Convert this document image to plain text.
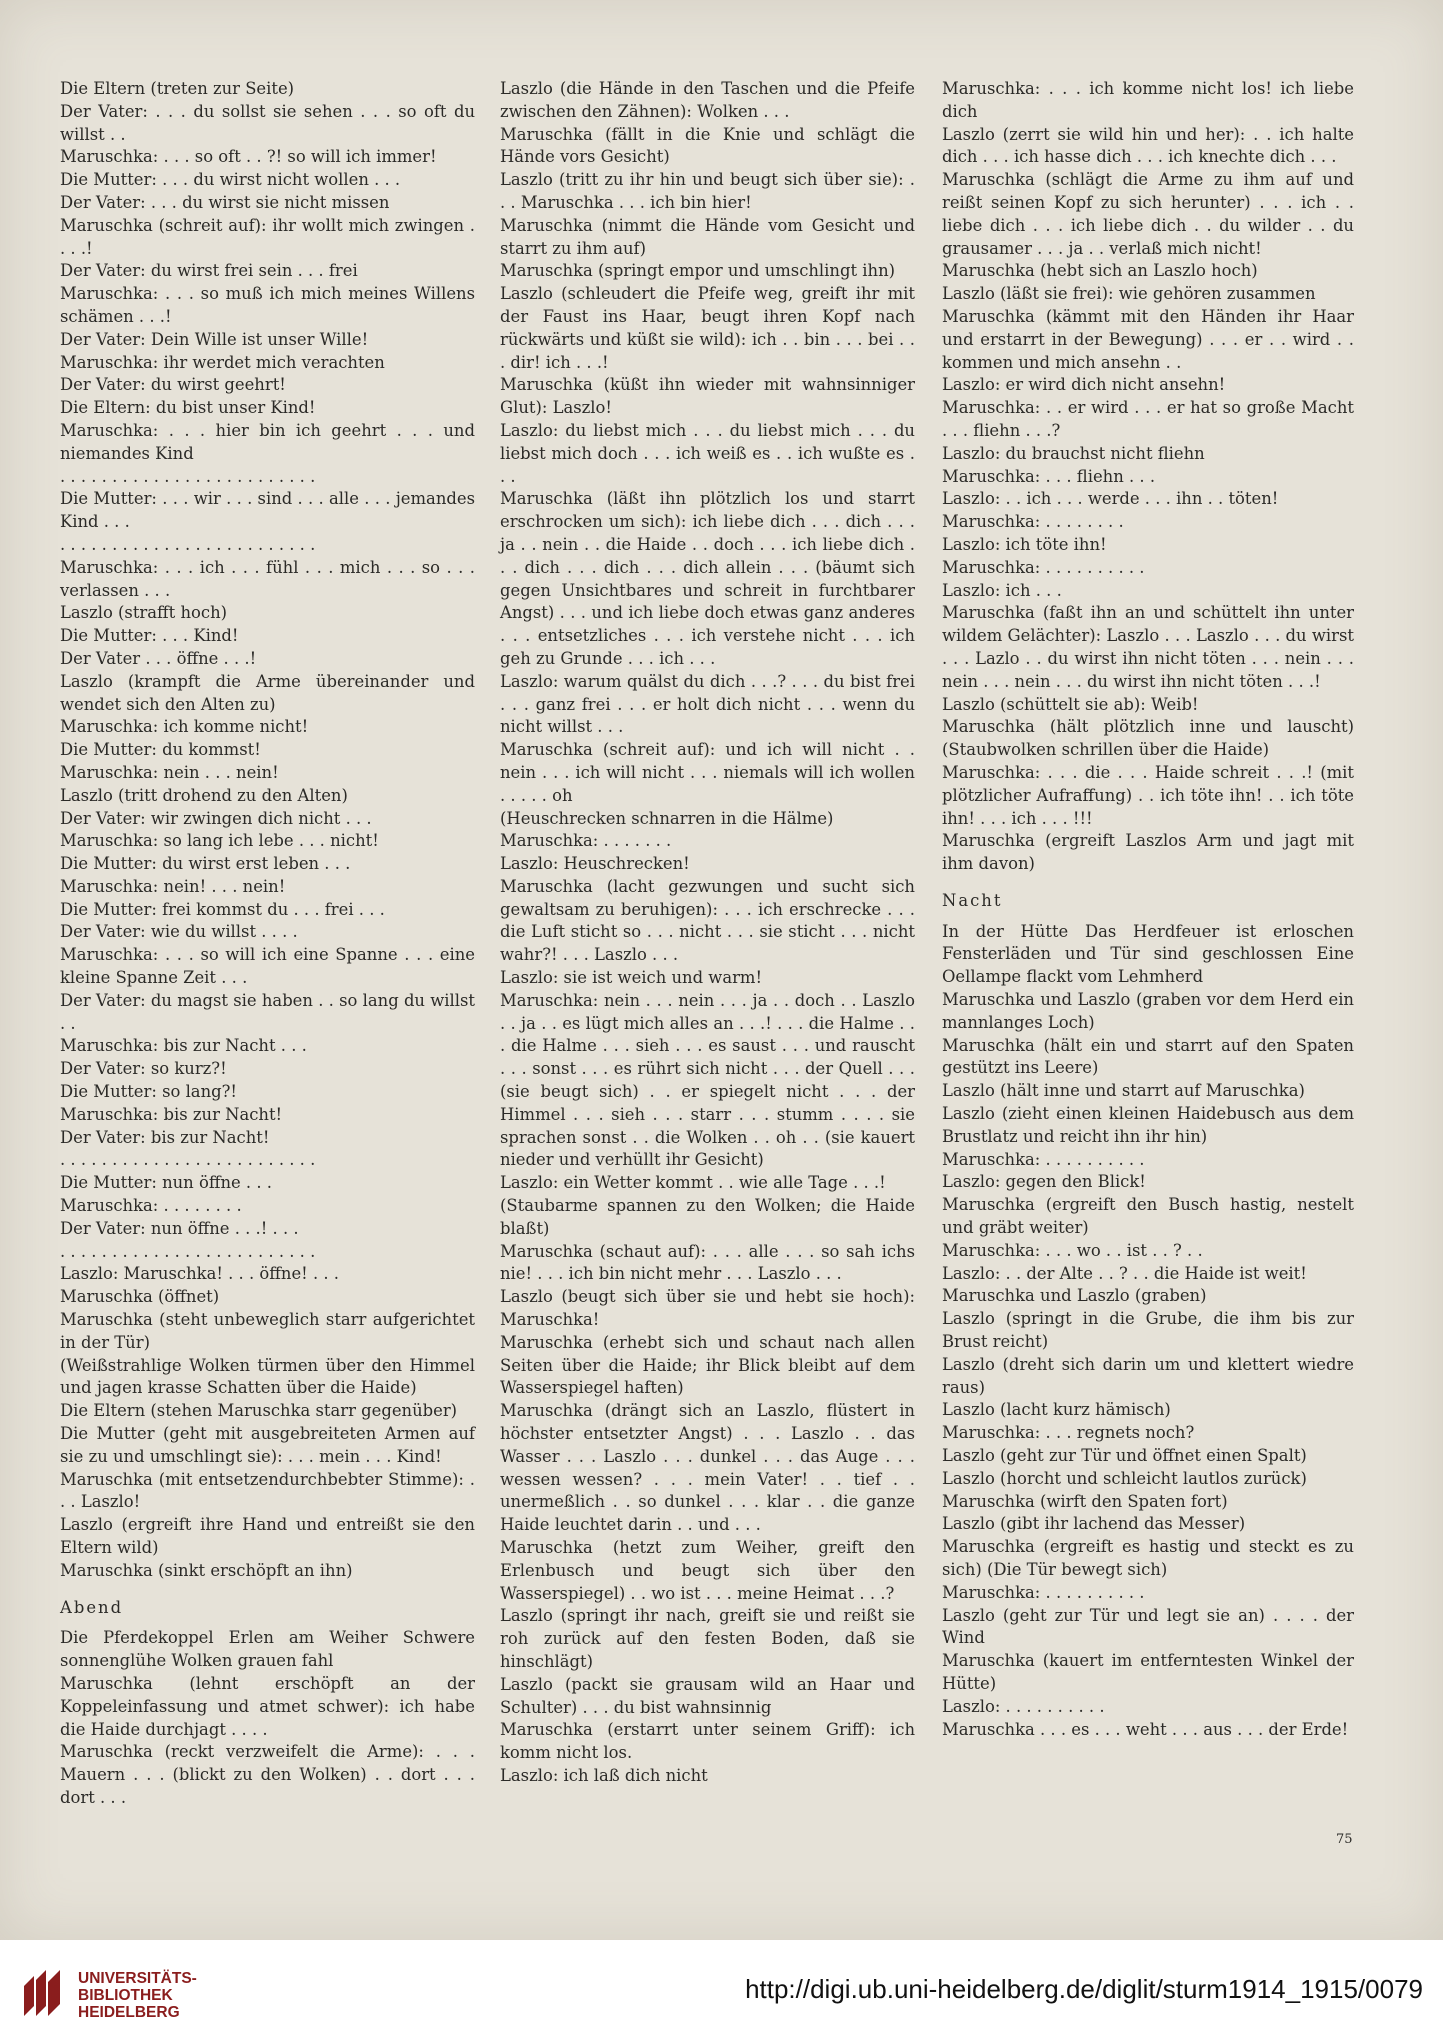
Die Eltern (treten zur Seite)

Der Vater: . . . du sollst sie sehen . . . so oft du willst . .

Maruschka: . . . so oft . . ?! so will ich immer!

Die Mutter: . . . du wirst nicht wollen . . .

Der Vater: . . . du wirst sie nicht missen

Maruschka (schreit auf): ihr wollt mich zwingen . . . .!

Der Vater: du wirst frei sein . . . frei

Maruschka: . . . so muß ich mich meines Willens schämen . . .!

Der Vater: Dein Wille ist unser Wille!

Maruschka: ihr werdet mich verachten

Der Vater: du wirst geehrt!

Die Eltern: du bist unser Kind!

Maruschka: . . . hier bin ich geehrt . . . und niemandes Kind

. . . . . . . . . . . . . . . . . . . . . . . . .

Die Mutter: . . . wir . . . sind . . . alle . . . jemandes Kind . . .

. . . . . . . . . . . . . . . . . . . . . . . . .

Maruschka: . . . ich . . . fühl . . . mich . . . so . . . verlassen . . .

Laszlo (strafft hoch)

Die Mutter: . . . Kind!

Der Vater . . . öffne . . .!

Laszlo (krampft die Arme übereinander und wendet sich den Alten zu)

Maruschka: ich komme nicht!

Die Mutter: du kommst!

Maruschka: nein . . . nein!

Laszlo (tritt drohend zu den Alten)

Der Vater: wir zwingen dich nicht . . .

Maruschka: so lang ich lebe . . . nicht!

Die Mutter: du wirst erst leben . . .

Maruschka: nein! . . . nein!

Die Mutter: frei kommst du . . . frei . . .

Der Vater: wie du willst . . . .

Maruschka: . . . so will ich eine Spanne . . . eine kleine Spanne Zeit . . .

Der Vater: du magst sie haben . . so lang du willst . .

Maruschka: bis zur Nacht . . .

Der Vater: so kurz?!

Die Mutter: so lang?!

Maruschka: bis zur Nacht!

Der Vater: bis zur Nacht!

. . . . . . . . . . . . . . . . . . . . . . . . .

Die Mutter: nun öffne . . .

Maruschka: . . . . . . . .

Der Vater: nun öffne . . .! . . .

. . . . . . . . . . . . . . . . . . . . . . . . .

Laszlo: Maruschka! . . . öffne! . . .

Maruschka (öffnet)

Maruschka (steht unbeweglich starr aufgerichtet in der Tür)

(Weißstrahlige Wolken türmen über den Himmel und jagen krasse Schatten über die Haide)

Die Eltern (stehen Maruschka starr gegenüber)

Die Mutter (geht mit ausgebreiteten Armen auf sie zu und umschlingt sie): . . . mein . . . Kind!

Maruschka (mit entsetzendurchbebter Stimme): . . . Laszlo!

Laszlo (ergreift ihre Hand und entreißt sie den Eltern wild)

Maruschka (sinkt erschöpft an ihn)

Abend

Die Pferdekoppel Erlen am Weiher Schwere sonnenglühe Wolken grauen fahl

Maruschka (lehnt erschöpft an der Koppeleinfassung und atmet schwer): ich habe die Haide durchjagt . . . .

Maruschka (reckt verzweifelt die Arme): . . . Mauern . . . (blickt zu den Wolken) . . dort . . . dort . . .

Laszlo (die Hände in den Taschen und die Pfeife zwischen den Zähnen): Wolken . . .

Maruschka (fällt in die Knie und schlägt die Hände vors Gesicht)

Laszlo (tritt zu ihr hin und beugt sich über sie): . . . Maruschka . . . ich bin hier!

Maruschka (nimmt die Hände vom Gesicht und starrt zu ihm auf)

Maruschka (springt empor und umschlingt ihn)

Laszlo (schleudert die Pfeife weg, greift ihr mit der Faust ins Haar, beugt ihren Kopf nach rückwärts und küßt sie wild): ich . . bin . . . bei . . . dir! ich . . .!

Maruschka (küßt ihn wieder mit wahnsinniger Glut): Laszlo!

Laszlo: du liebst mich . . . du liebst mich . . . du liebst mich doch . . . ich weiß es . . ich wußte es . . .

Maruschka (läßt ihn plötzlich los und starrt erschrocken um sich): ich liebe dich . . . dich . . . ja . . nein . . die Haide . . doch . . . ich liebe dich . . . dich . . . dich . . . dich allein . . . (bäumt sich gegen Unsichtbares und schreit in furchtbarer Angst) . . . und ich liebe doch etwas ganz anderes . . . entsetzliches . . . ich verstehe nicht . . . ich geh zu Grunde . . . ich . . .

Laszlo: warum quälst du dich . . .? . . . du bist frei . . . ganz frei . . . er holt dich nicht . . . wenn du nicht willst . . .

Maruschka (schreit auf): und ich will nicht . . nein . . . ich will nicht . . . niemals will ich wollen . . . . . oh

(Heuschrecken schnarren in die Hälme)

Maruschka: . . . . . . .

Laszlo: Heuschrecken!

Maruschka (lacht gezwungen und sucht sich gewaltsam zu beruhigen): . . . ich erschrecke . . . die Luft sticht so . . . nicht . . . sie sticht . . . nicht wahr?! . . . Laszlo . . .

Laszlo: sie ist weich und warm!

Maruschka: nein . . . nein . . . ja . . doch . . Laszlo . . ja . . es lügt mich alles an . . .! . . . die Halme . . . die Halme . . . sieh . . . es saust . . . und rauscht . . . sonst . . . es rührt sich nicht . . . der Quell . . . (sie beugt sich) . . er spiegelt nicht . . . der Himmel . . . sieh . . . starr . . . stumm . . . . sie sprachen sonst . . die Wolken . . oh . . (sie kauert nieder und verhüllt ihr Gesicht)

Laszlo: ein Wetter kommt . . wie alle Tage . . .!

(Staubarme spannen zu den Wolken; die Haide blaßt)

Maruschka (schaut auf): . . . alle . . . so sah ichs nie! . . . ich bin nicht mehr . . . Laszlo . . .

Laszlo (beugt sich über sie und hebt sie hoch): Maruschka!

Maruschka (erhebt sich und schaut nach allen Seiten über die Haide; ihr Blick bleibt auf dem Wasserspiegel haften)

Maruschka (drängt sich an Laszlo, flüstert in höchster entsetzter Angst) . . . Laszlo . . das Wasser . . . Laszlo . . . dunkel . . . das Auge . . . wessen wessen? . . . mein Vater! . . tief . . unermeßlich . . so dunkel . . . klar . . die ganze Haide leuchtet darin . . und . . .

Maruschka (hetzt zum Weiher, greift den Erlenbusch und beugt sich über den Wasserspiegel) . . wo ist . . . meine Heimat . . .?

Laszlo (springt ihr nach, greift sie und reißt sie roh zurück auf den festen Boden, daß sie hinschlägt)

Laszlo (packt sie grausam wild an Haar und Schulter) . . . du bist wahnsinnig

Maruschka (erstarrt unter seinem Griff): ich komm nicht los.

Laszlo: ich laß dich nicht

Maruschka: . . . ich komme nicht los! ich liebe dich

Laszlo (zerrt sie wild hin und her): . . ich halte dich . . . ich hasse dich . . . ich knechte dich . . .

Maruschka (schlägt die Arme zu ihm auf und reißt seinen Kopf zu sich herunter) . . . ich . . liebe dich . . . ich liebe dich . . du wilder . . du grausamer . . . ja . . verlaß mich nicht!

Maruschka (hebt sich an Laszlo hoch)

Laszlo (läßt sie frei): wie gehören zusammen

Maruschka (kämmt mit den Händen ihr Haar und erstarrt in der Bewegung) . . . er . . wird . . kommen und mich ansehn . .

Laszlo: er wird dich nicht ansehn!

Maruschka: . . er wird . . . er hat so große Macht . . . fliehn . . .?

Laszlo: du brauchst nicht fliehn

Maruschka: . . . fliehn . . .

Laszlo: . . ich . . . werde . . . ihn . . töten!

Maruschka: . . . . . . . .

Laszlo: ich töte ihn!

Maruschka: . . . . . . . . . .

Laszlo: ich . . .

Maruschka (faßt ihn an und schüttelt ihn unter wildem Gelächter): Laszlo . . . Laszlo . . . du wirst . . . Lazlo . . du wirst ihn nicht töten . . . nein . . . nein . . . nein . . . du wirst ihn nicht töten . . .!

Laszlo (schüttelt sie ab): Weib!

Maruschka (hält plötzlich inne und lauscht) (Staubwolken schrillen über die Haide)

Maruschka: . . . die . . . Haide schreit . . .! (mit plötzlicher Aufraffung) . . ich töte ihn! . . ich töte ihn! . . . ich . . . !!!

Maruschka (ergreift Laszlos Arm und jagt mit ihm davon)

Nacht

In der Hütte Das Herdfeuer ist erloschen Fensterläden und Tür sind geschlossen Eine Oellampe flackt vom Lehmherd

Maruschka und Laszlo (graben vor dem Herd ein mannlanges Loch)

Maruschka (hält ein und starrt auf den Spaten gestützt ins Leere)

Laszlo (hält inne und starrt auf Maruschka)

Laszlo (zieht einen kleinen Haidebusch aus dem Brustlatz und reicht ihn ihr hin)

Maruschka: . . . . . . . . . .

Laszlo: gegen den Blick!

Maruschka (ergreift den Busch hastig, nestelt und gräbt weiter)

Maruschka: . . . wo . . ist . . ? . .

Laszlo: . . der Alte . . ? . . die Haide ist weit!

Maruschka und Laszlo (graben)

Laszlo (springt in die Grube, die ihm bis zur Brust reicht)

Laszlo (dreht sich darin um und klettert wiedre raus)

Laszlo (lacht kurz hämisch)

Maruschka: . . . regnets noch?

Laszlo (geht zur Tür und öffnet einen Spalt)

Laszlo (horcht und schleicht lautlos zurück)

Maruschka (wirft den Spaten fort)

Laszlo (gibt ihr lachend das Messer)

Maruschka (ergreift es hastig und steckt es zu sich) (Die Tür bewegt sich)

Maruschka: . . . . . . . . . .

Laszlo (geht zur Tür und legt sie an) . . . . der Wind

Maruschka (kauert im entferntesten Winkel der Hütte)

Laszlo: . . . . . . . . . .

Maruschka . . . es . . . weht . . . aus . . . der Erde!

75
UNIVERSITÄTS-
BIBLIOTHEK
HEIDELBERG
http://digi.ub.uni-heidelberg.de/diglit/sturm1914_1915/0079
